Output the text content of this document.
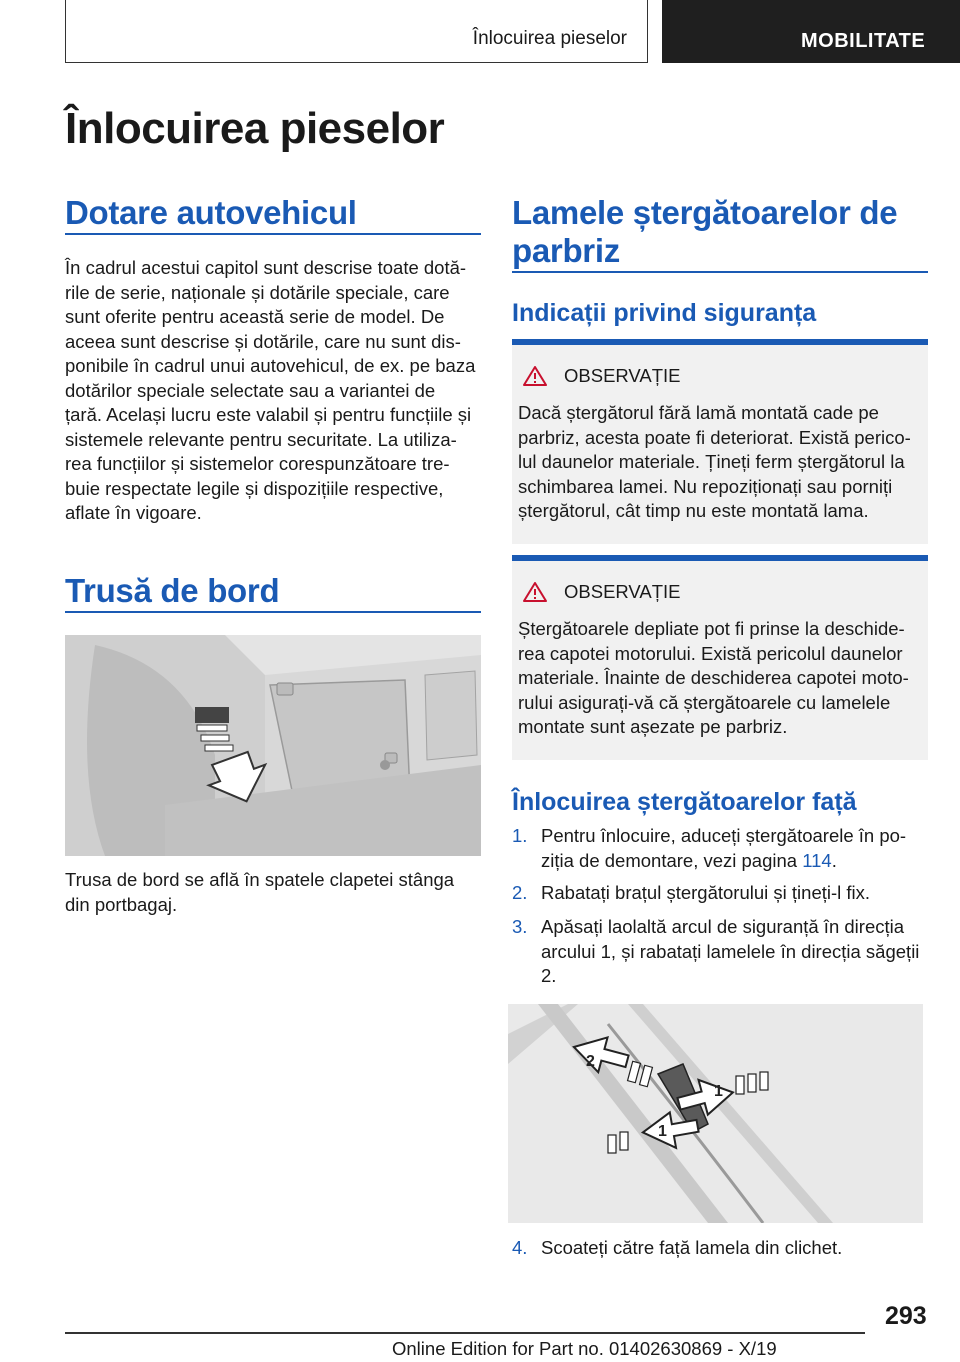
Înlocuirea pieselor	MOBILITATE
Înlocuirea pieselor
Dotare autovehicul
În cadrul acestui capitol sunt descrise toate dotă‐
rile de serie, naționale și dotările speciale, care
sunt oferite pentru această serie de model. De
aceea sunt descrise și dotările, care nu sunt dis‐
ponibile în cadrul unui autovehicul, de ex. pe baza
dotărilor speciale selectate sau a variantei de
țară. Același lucru este valabil și pentru funcțiile și
sistemele relevante pentru securitate. La utiliza‐
rea funcțiilor și sistemelor corespunzătoare tre‐
buie respectate legile și dispozițiile respective,
aflate în vigoare.
Trusă de bord
Trusa de bord se află în spatele clapetei stânga
din portbagaj.
Lamele ștergătoarelor de
parbriz
Indicații privind siguranța
OBSERVAȚIE
Dacă ștergătorul fără lamă montată cade pe
parbriz, acesta poate fi deteriorat. Există perico‐
lul daunelor materiale. Țineți ferm ștergătorul la
schimbarea lamei. Nu repoziționați sau porniți
ștergătorul, cât timp nu este montată lama.
OBSERVAȚIE
Ștergătoarele depliate pot fi prinse la deschide‐
rea capotei motorului. Există pericolul daunelor
materiale. Înainte de deschiderea capotei moto‐
rului asigurați-vă că ștergătoarele cu lamelele
montate sunt așezate pe parbriz.
Înlocuirea ștergătoarelor față
1. Pentru înlocuire, aduceți ștergătoarele în po‐
ziția de demontare, vezi pagina 114.
2. Rabatați brațul ștergătorului și țineți-l fix.
3. Apăsați laolaltă arcul de siguranță în direcția
arcului 1, și rabatați lamelele în direcția săgeții
2.
2
1
1
4. Scoateți către față lamela din clichet.
293
Online Edition for Part no. 01402630869 - X/19
